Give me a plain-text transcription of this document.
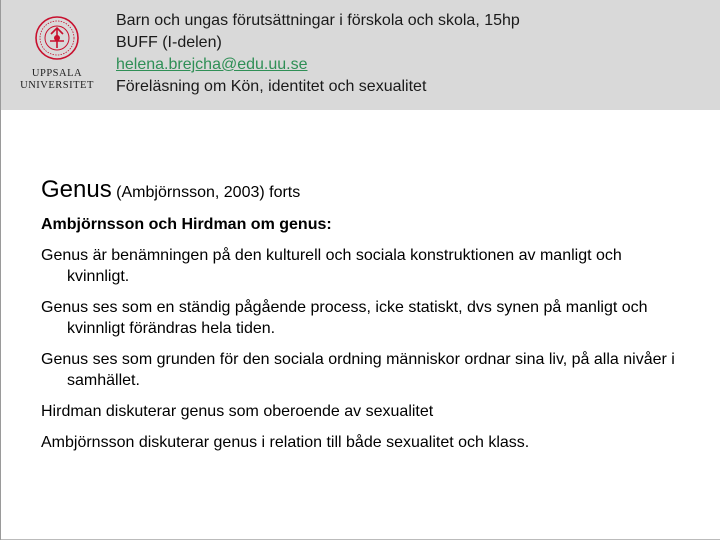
UPPSALA
UNIVERSITET
Barn och ungas förutsättningar i förskola och skola, 15hp
BUFF (I-delen)
helena.brejcha@edu.uu.se
Föreläsning om Kön, identitet och sexualitet
Genus (Ambjörnsson, 2003) forts

Ambjörnsson och Hirdman om genus:

Genus är benämningen på den kulturell och sociala konstruktionen av manligt och kvinnligt.

Genus ses som en ständig pågående process, icke statiskt, dvs synen på manligt och kvinnligt förändras hela tiden.

Genus ses som grunden för den sociala ordning människor ordnar sina liv, på alla nivåer i samhället.

Hirdman diskuterar genus som oberoende av sexualitet

Ambjörnsson diskuterar genus i relation till både sexualitet och klass.
